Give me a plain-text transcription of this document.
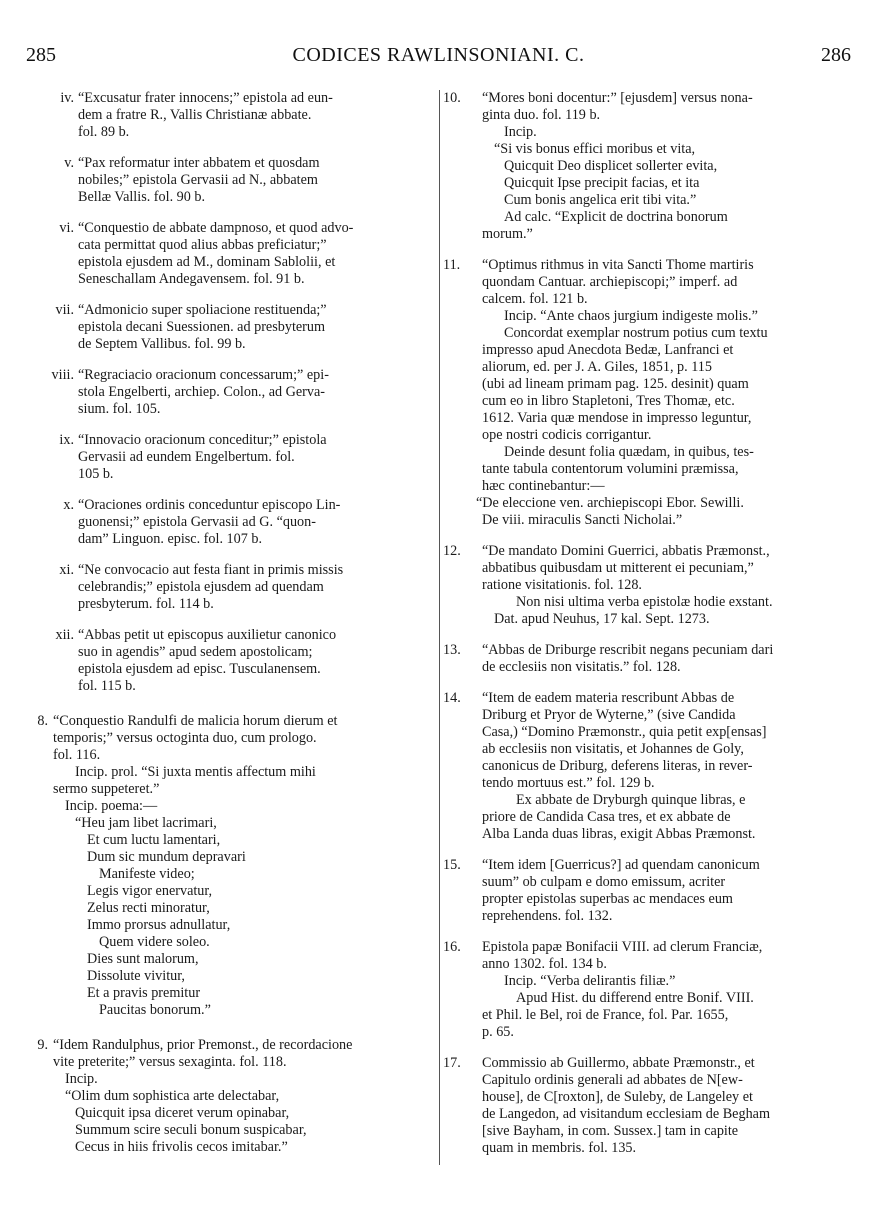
285	CODICES RAWLINSONIANI. C.	286
iv. “Excusatur frater innocens;” epistola ad eun-
dem a fratre R., Vallis Christianæ abbate.
fol. 89 b.
v. “Pax reformatur inter abbatem et quosdam
nobiles;” epistola Gervasii ad N., abbatem
Bellæ Vallis. fol. 90 b.
vi. “Conquestio de abbate dampnoso, et quod advo-
cata permittat quod alius abbas preficiatur;”
epistola ejusdem ad M., dominam Sablolii, et
Seneschallam Andegavensem. fol. 91 b.
vii. “Admonicio super spoliacione restituenda;”
epistola decani Suessionen. ad presbyterum
de Septem Vallibus. fol. 99 b.
viii. “Regraciacio oracionum concessarum;” epi-
stola Engelberti, archiep. Colon., ad Gerva-
sium. fol. 105.
ix. “Innovacio oracionum conceditur;” epistola
Gervasii ad eundem Engelbertum. fol.
105 b.
x. “Oraciones ordinis conceduntur episcopo Lin-
guonensi;” epistola Gervasii ad G. “quon-
dam” Linguon. episc. fol. 107 b.
xi. “Ne convocacio aut festa fiant in primis missis
celebrandis;” epistola ejusdem ad quendam
presbyterum. fol. 114 b.
xii. “Abbas petit ut episcopus auxilietur canonico
suo in agendis” apud sedem apostolicam;
epistola ejusdem ad episc. Tusculanensem.
fol. 115 b.
8. “Conquestio Randulfi de malicia horum dierum et
temporis;” versus octoginta duo, cum prologo.
fol. 116.
Incip. prol. “Si juxta mentis affectum mihi
sermo suppeteret.”
Incip. poema:—
“Heu jam libet lacrimari,
Et cum luctu lamentari,
Dum sic mundum depravari
Manifeste video;
Legis vigor enervatur,
Zelus recti minoratur,
Immo prorsus adnullatur,
Quem videre soleo.
Dies sunt malorum,
Dissolute vivitur,
Et a pravis premitur
Paucitas bonorum.”
9. “Idem Randulphus, prior Premonst., de recordacione
vite preterite;” versus sexaginta. fol. 118.
Incip.
“Olim dum sophistica arte delectabar,
Quicquit ipsa diceret verum opinabar,
Summum scire seculi bonum suspicabar,
Cecus in hiis frivolis cecos imitabar.”
10.	“Mores boni docentur:” [ejusdem] versus nona-
ginta duo. fol. 119 b.
Incip.
“Si vis bonus effici moribus et vita,
Quicquit Deo displicet sollerter evita,
Quicquit Ipse precipit facias, et ita
Cum bonis angelica erit tibi vita.”
Ad calc. “Explicit de doctrina bonorum
morum.”
11.	“Optimus rithmus in vita Sancti Thome martiris
quondam Cantuar. archiepiscopi;” imperf. ad
calcem. fol. 121 b.
Incip. “Ante chaos jurgium indigeste molis.”
Concordat exemplar nostrum potius cum textu
impresso apud Anecdota Bedæ, Lanfranci et
aliorum, ed. per J. A. Giles, 1851, p. 115
(ubi ad lineam primam pag. 125. desinit) quam
cum eo in libro Stapletoni, Tres Thomæ, etc.
1612. Varia quæ mendose in impresso leguntur,
ope nostri codicis corrigantur.
Deinde desunt folia quædam, in quibus, tes-
tante tabula contentorum volumini præmissa,
hæc continebantur:—
“De eleccione ven. archiepiscopi Ebor. Sewilli.
De viii. miraculis Sancti Nicholai.”
12.	“De mandato Domini Guerrici, abbatis Præmonst.,
abbatibus quibusdam ut mitterent ei pecuniam,”
ratione visitationis. fol. 128.
Non nisi ultima verba epistolæ hodie exstant.
Dat. apud Neuhus, 17 kal. Sept. 1273.
13.	“Abbas de Driburge rescribit negans pecuniam dari
de ecclesiis non visitatis.” fol. 128.
14.	“Item de eadem materia rescribunt Abbas de
Driburg et Pryor de Wyterne,” (sive Candida
Casa,) “Domino Præmonstr., quia petit exp[ensas]
ab ecclesiis non visitatis, et Johannes de Goly,
canonicus de Driburg, deferens literas, in rever-
tendo mortuus est.” fol. 129 b.
Ex abbate de Dryburgh quinque libras, e
priore de Candida Casa tres, et ex abbate de
Alba Landa duas libras, exigit Abbas Præmonst.
15.	“Item idem [Guerricus?] ad quendam canonicum
suum” ob culpam e domo emissum, acriter
propter epistolas superbas ac mendaces eum
reprehendens. fol. 132.
16.	Epistola papæ Bonifacii VIII. ad clerum Franciæ,
anno 1302. fol. 134 b.
Incip. “Verba delirantis filiæ.”
Apud Hist. du differend entre Bonif. VIII.
et Phil. le Bel, roi de France, fol. Par. 1655,
p. 65.
17.	Commissio ab Guillermo, abbate Præmonstr., et
Capitulo ordinis generali ad abbates de N[ew-
house], de C[roxton], de Suleby, de Langeley et
de Langedon, ad visitandum ecclesiam de Begham
[sive Bayham, in com. Sussex.] tam in capite
quam in membris. fol. 135.
